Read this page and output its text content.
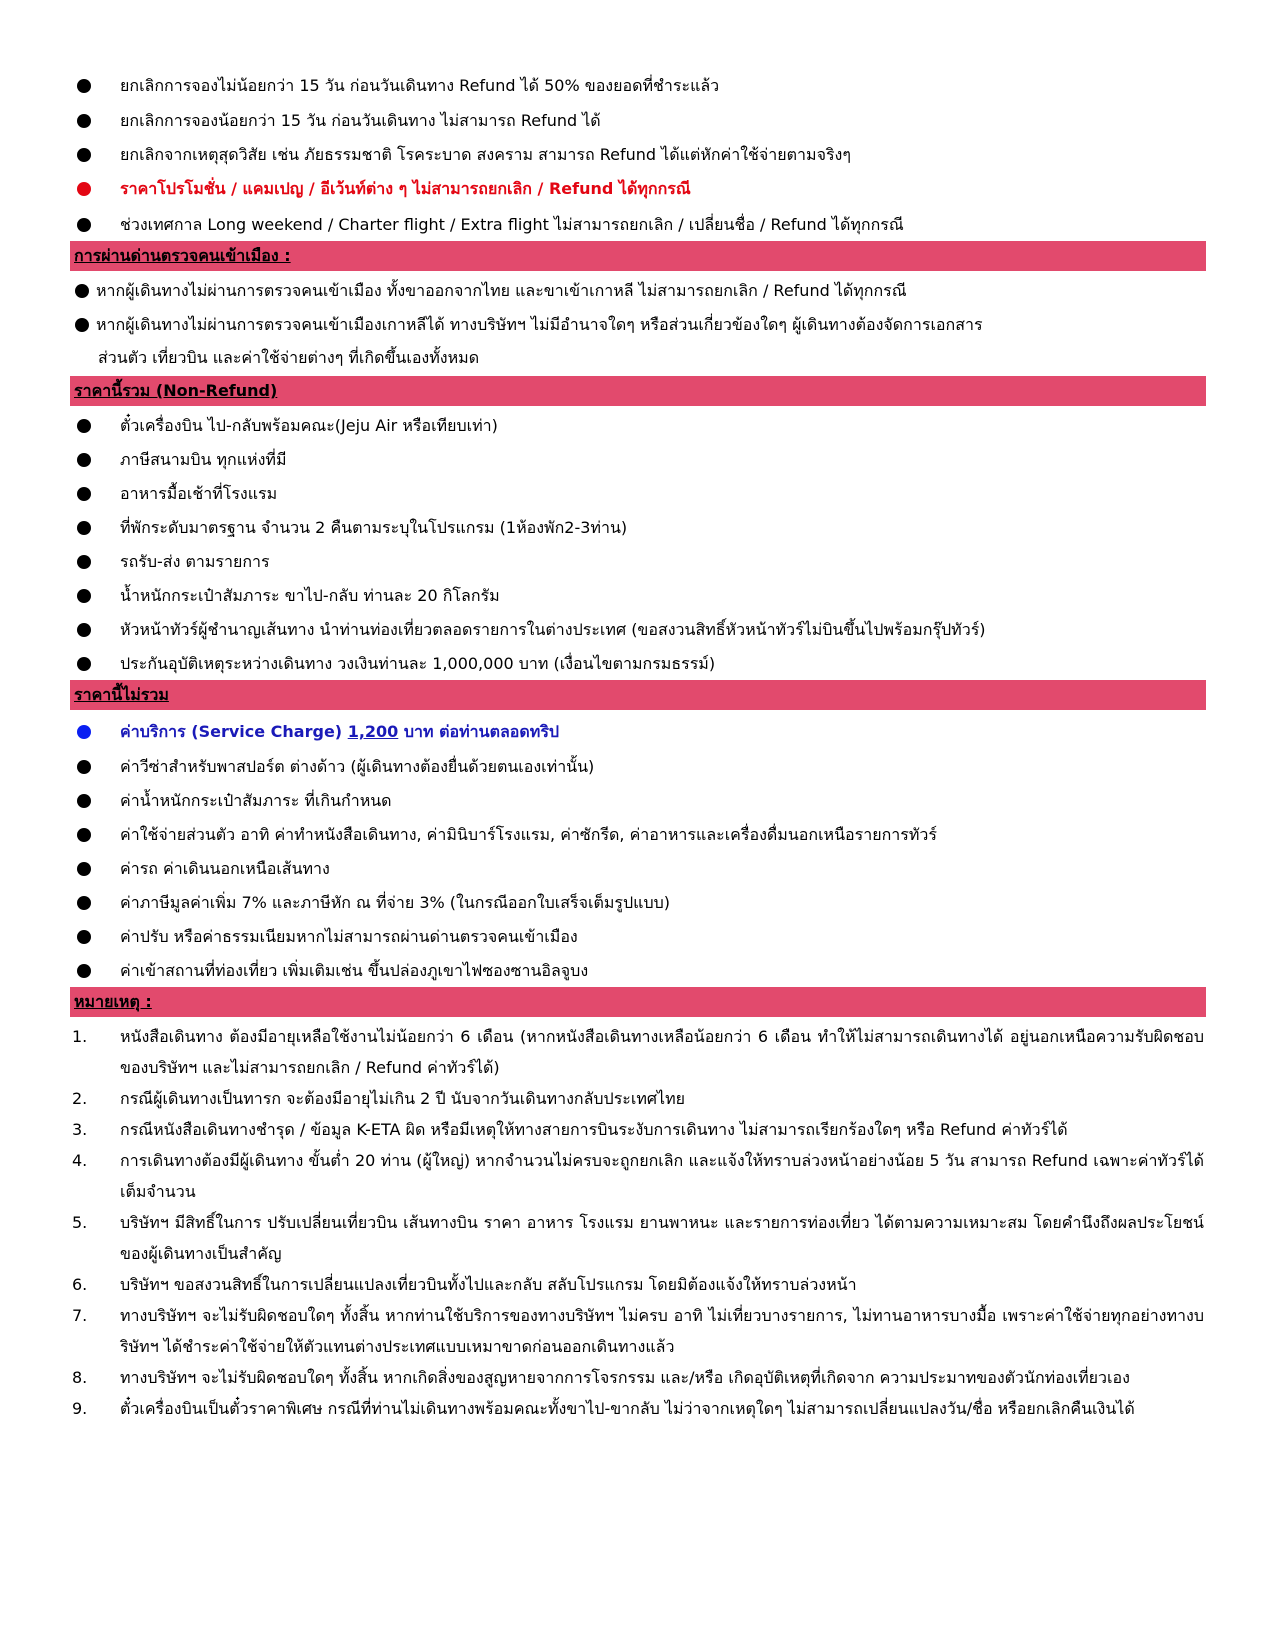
ยกเลิกการจองไม่น้อยกว่า 15 วัน ก่อนวันเดินทาง Refund ได้ 50% ของยอดที่ชำระแล้ว
ยกเลิกการจองน้อยกว่า 15 วัน ก่อนวันเดินทาง ไม่สามารถ Refund ได้
ยกเลิกจากเหตุสุดวิสัย เช่น ภัยธรรมชาติ โรคระบาด สงคราม สามารถ Refund ได้แต่หักค่าใช้จ่ายตามจริงๆ
ราคาโปรโมชั่น / แคมเปญ / อีเว้นท์ต่าง ๆ ไม่สามารถยกเลิก / Refund ได้ทุกกรณี
ช่วงเทศกาล Long weekend / Charter flight / Extra flight ไม่สามารถยกเลิก / เปลี่ยนชื่อ / Refund ได้ทุกกรณี
การผ่านด่านตรวจคนเข้าเมือง :
หากผู้เดินทางไม่ผ่านการตรวจคนเข้าเมือง ทั้งขาออกจากไทย และขาเข้าเกาหลี ไม่สามารถยกเลิก / Refund ได้ทุกกรณี
หากผู้เดินทางไม่ผ่านการตรวจคนเข้าเมืองเกาหลีได้ ทางบริษัทฯ ไม่มีอำนาจใดๆ หรือส่วนเกี่ยวข้องใดๆ ผู้เดินทางต้องจัดการเอกสาร
ส่วนตัว เที่ยวบิน และค่าใช้จ่ายต่างๆ ที่เกิดขึ้นเองทั้งหมด
ราคานี้รวม (Non-Refund)
ตั๋วเครื่องบิน ไป-กลับพร้อมคณะ(Jeju Air หรือเทียบเท่า)
ภาษีสนามบิน ทุกแห่งที่มี
อาหารมื้อเช้าที่โรงแรม
ที่พักระดับมาตรฐาน จำนวน 2 คืนตามระบุในโปรแกรม (1ห้องพัก2-3ท่าน)
รถรับ-ส่ง ตามรายการ
น้ำหนักกระเป๋าสัมภาระ ขาไป-กลับ ท่านละ 20 กิโลกรัม
หัวหน้าทัวร์ผู้ชำนาญเส้นทาง นำท่านท่องเที่ยวตลอดรายการในต่างประเทศ (ขอสงวนสิทธิ์หัวหน้าทัวร์ไม่บินขึ้นไปพร้อมกรุ๊ปทัวร์)
ประกันอุบัติเหตุระหว่างเดินทาง วงเงินท่านละ 1,000,000 บาท (เงื่อนไขตามกรมธรรม์)
ราคานี้ไม่รวม
ค่าบริการ (Service Charge) 1,200 บาท ต่อท่านตลอดทริป
ค่าวีซ่าสำหรับพาสปอร์ต ต่างด้าว (ผู้เดินทางต้องยื่นด้วยตนเองเท่านั้น)
ค่าน้ำหนักกระเป๋าสัมภาระ ที่เกินกำหนด
ค่าใช้จ่ายส่วนตัว อาทิ ค่าทำหนังสือเดินทาง, ค่ามินิบาร์โรงแรม, ค่าซักรีด, ค่าอาหารและเครื่องดื่มนอกเหนือรายการทัวร์
ค่ารถ ค่าเดินนอกเหนือเส้นทาง
ค่าภาษีมูลค่าเพิ่ม 7% และภาษีหัก ณ ที่จ่าย 3% (ในกรณีออกใบเสร็จเต็มรูปแบบ)
ค่าปรับ หรือค่าธรรมเนียมหากไม่สามารถผ่านด่านตรวจคนเข้าเมือง
ค่าเข้าสถานที่ท่องเที่ยว เพิ่มเติมเช่น ขึ้นปล่องภูเขาไฟซองซานอิลจูบง
หมายเหตุ :
1.	หนังสือเดินทาง ต้องมีอายุเหลือใช้งานไม่น้อยกว่า 6 เดือน (หากหนังสือเดินทางเหลือน้อยกว่า 6 เดือน ทำให้ไม่สามารถเดินทางได้ อยู่นอกเหนือความรับผิดชอบของบริษัทฯ และไม่สามารถยกเลิก / Refund ค่าทัวร์ได้)
2.	กรณีผู้เดินทางเป็นทารก จะต้องมีอายุไม่เกิน 2 ปี นับจากวันเดินทางกลับประเทศไทย
3.	กรณีหนังสือเดินทางชำรุด / ข้อมูล K-ETA ผิด หรือมีเหตุให้ทางสายการบินระงับการเดินทาง ไม่สามารถเรียกร้องใดๆ หรือ Refund ค่าทัวร์ได้
4.	การเดินทางต้องมีผู้เดินทาง ขั้นต่ำ 20 ท่าน (ผู้ใหญ่) หากจำนวนไม่ครบจะถูกยกเลิก และแจ้งให้ทราบล่วงหน้าอย่างน้อย 5 วัน สามารถ Refund เฉพาะค่าทัวร์ได้เต็มจำนวน
5.	บริษัทฯ มีสิทธิ์ในการ ปรับเปลี่ยนเที่ยวบิน เส้นทางบิน ราคา อาหาร โรงแรม ยานพาหนะ และรายการท่องเที่ยว ได้ตามความเหมาะสม โดยคำนึงถึงผลประโยชน์ของผู้เดินทางเป็นสำคัญ
6.	บริษัทฯ ขอสงวนสิทธิ์ในการเปลี่ยนแปลงเที่ยวบินทั้งไปและกลับ สลับโปรแกรม โดยมิต้องแจ้งให้ทราบล่วงหน้า
7.	ทางบริษัทฯ จะไม่รับผิดชอบใดๆ ทั้งสิ้น หากท่านใช้บริการของทางบริษัทฯ ไม่ครบ อาทิ ไม่เที่ยวบางรายการ, ไม่ทานอาหารบางมื้อ เพราะค่าใช้จ่ายทุกอย่างทางบริษัทฯ ได้ชำระค่าใช้จ่ายให้ตัวแทนต่างประเทศแบบเหมาขาดก่อนออกเดินทางแล้ว
8.	ทางบริษัทฯ จะไม่รับผิดชอบใดๆ ทั้งสิ้น หากเกิดสิ่งของสูญหายจากการโจรกรรม และ/หรือ เกิดอุบัติเหตุที่เกิดจาก ความประมาทของตัวนักท่องเที่ยวเอง
9.	ตั๋วเครื่องบินเป็นตั๋วราคาพิเศษ กรณีที่ท่านไม่เดินทางพร้อมคณะทั้งขาไป-ขากลับ ไม่ว่าจากเหตุใดๆ ไม่สามารถเปลี่ยนแปลงวัน/ชื่อ หรือยกเลิกคืนเงินได้
